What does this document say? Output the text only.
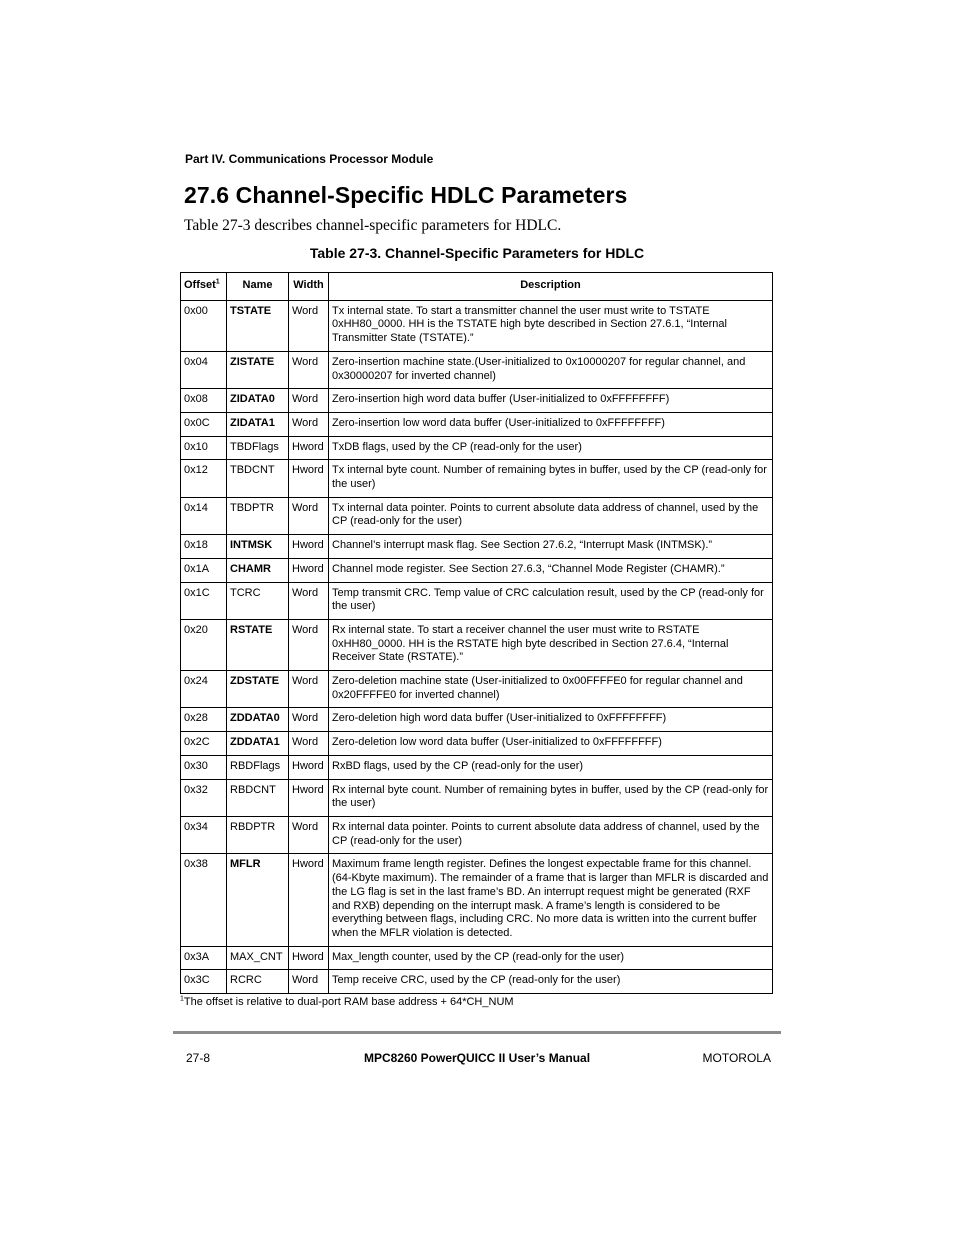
Part IV. Communications Processor Module
27.6 Channel-Specific HDLC Parameters
Table 27-3 describes channel-specific parameters for HDLC.
Table 27-3. Channel-Specific Parameters for HDLC
Offset$^1$	Name	Width	Description
0x00	TSTATE	Word	Tx internal state. To start a transmitter channel the user must write to TSTATE 0xHH80_0000. HH is the TSTATE high byte described in Section 27.6.1, “Internal Transmitter State (TSTATE).”
0x04	ZISTATE	Word	Zero-insertion machine state.(User-initialized to 0x10000207 for regular channel, and 0x30000207 for inverted channel)
0x08	ZIDATA0	Word	Zero-insertion high word data buffer (User-initialized to 0xFFFFFFFF)
0x0C	ZIDATA1	Word	Zero-insertion low word data buffer (User-initialized to 0xFFFFFFFF)
0x10	TBDFlags	Hword	TxDB flags, used by the CP (read-only for the user)
0x12	TBDCNT	Hword	Tx internal byte count. Number of remaining bytes in buffer, used by the CP (read-only for the user)
0x14	TBDPTR	Word	Tx internal data pointer. Points to current absolute data address of channel, used by the CP (read-only for the user)
0x18	INTMSK	Hword	Channel’s interrupt mask flag. See Section 27.6.2, “Interrupt Mask (INTMSK).”
0x1A	CHAMR	Hword	Channel mode register. See Section 27.6.3, “Channel Mode Register (CHAMR).”
0x1C	TCRC	Word	Temp transmit CRC. Temp value of CRC calculation result, used by the CP (read-only for the user)
0x20	RSTATE	Word	Rx internal state. To start a receiver channel the user must write to RSTATE 0xHH80_0000. HH is the RSTATE high byte described in Section 27.6.4, “Internal Receiver State (RSTATE).”
0x24	ZDSTATE	Word	Zero-deletion machine state (User-initialized to 0x00FFFFE0 for regular channel and 0x20FFFFE0 for inverted channel)
0x28	ZDDATA0	Word	Zero-deletion high word data buffer (User-initialized to 0xFFFFFFFF)
0x2C	ZDDATA1	Word	Zero-deletion low word data buffer (User-initialized to 0xFFFFFFFF)
0x30	RBDFlags	Hword	RxBD flags, used by the CP (read-only for the user)
0x32	RBDCNT	Hword	Rx internal byte count. Number of remaining bytes in buffer, used by the CP (read-only for the user)
0x34	RBDPTR	Word	Rx internal data pointer. Points to current absolute data address of channel, used by the CP (read-only for the user)
0x38	MFLR	Hword	Maximum frame length register. Defines the longest expectable frame for this channel. (64-Kbyte maximum). The remainder of a frame that is larger than MFLR is discarded and the LG flag is set in the last frame’s BD. An interrupt request might be generated (RXF and RXB) depending on the interrupt mask. A frame’s length is considered to be everything between flags, including CRC. No more data is written into the current buffer when the MFLR violation is detected.
0x3A	MAX_CNT	Hword	Max_length counter, used by the CP (read-only for the user)
0x3C	RCRC	Word	Temp receive CRC, used by the CP (read-only for the user)
$^1$The offset is relative to dual-port RAM base address + 64*CH_NUM
27-8	MPC8260 PowerQUICC II User’s Manual	MOTOROLA
